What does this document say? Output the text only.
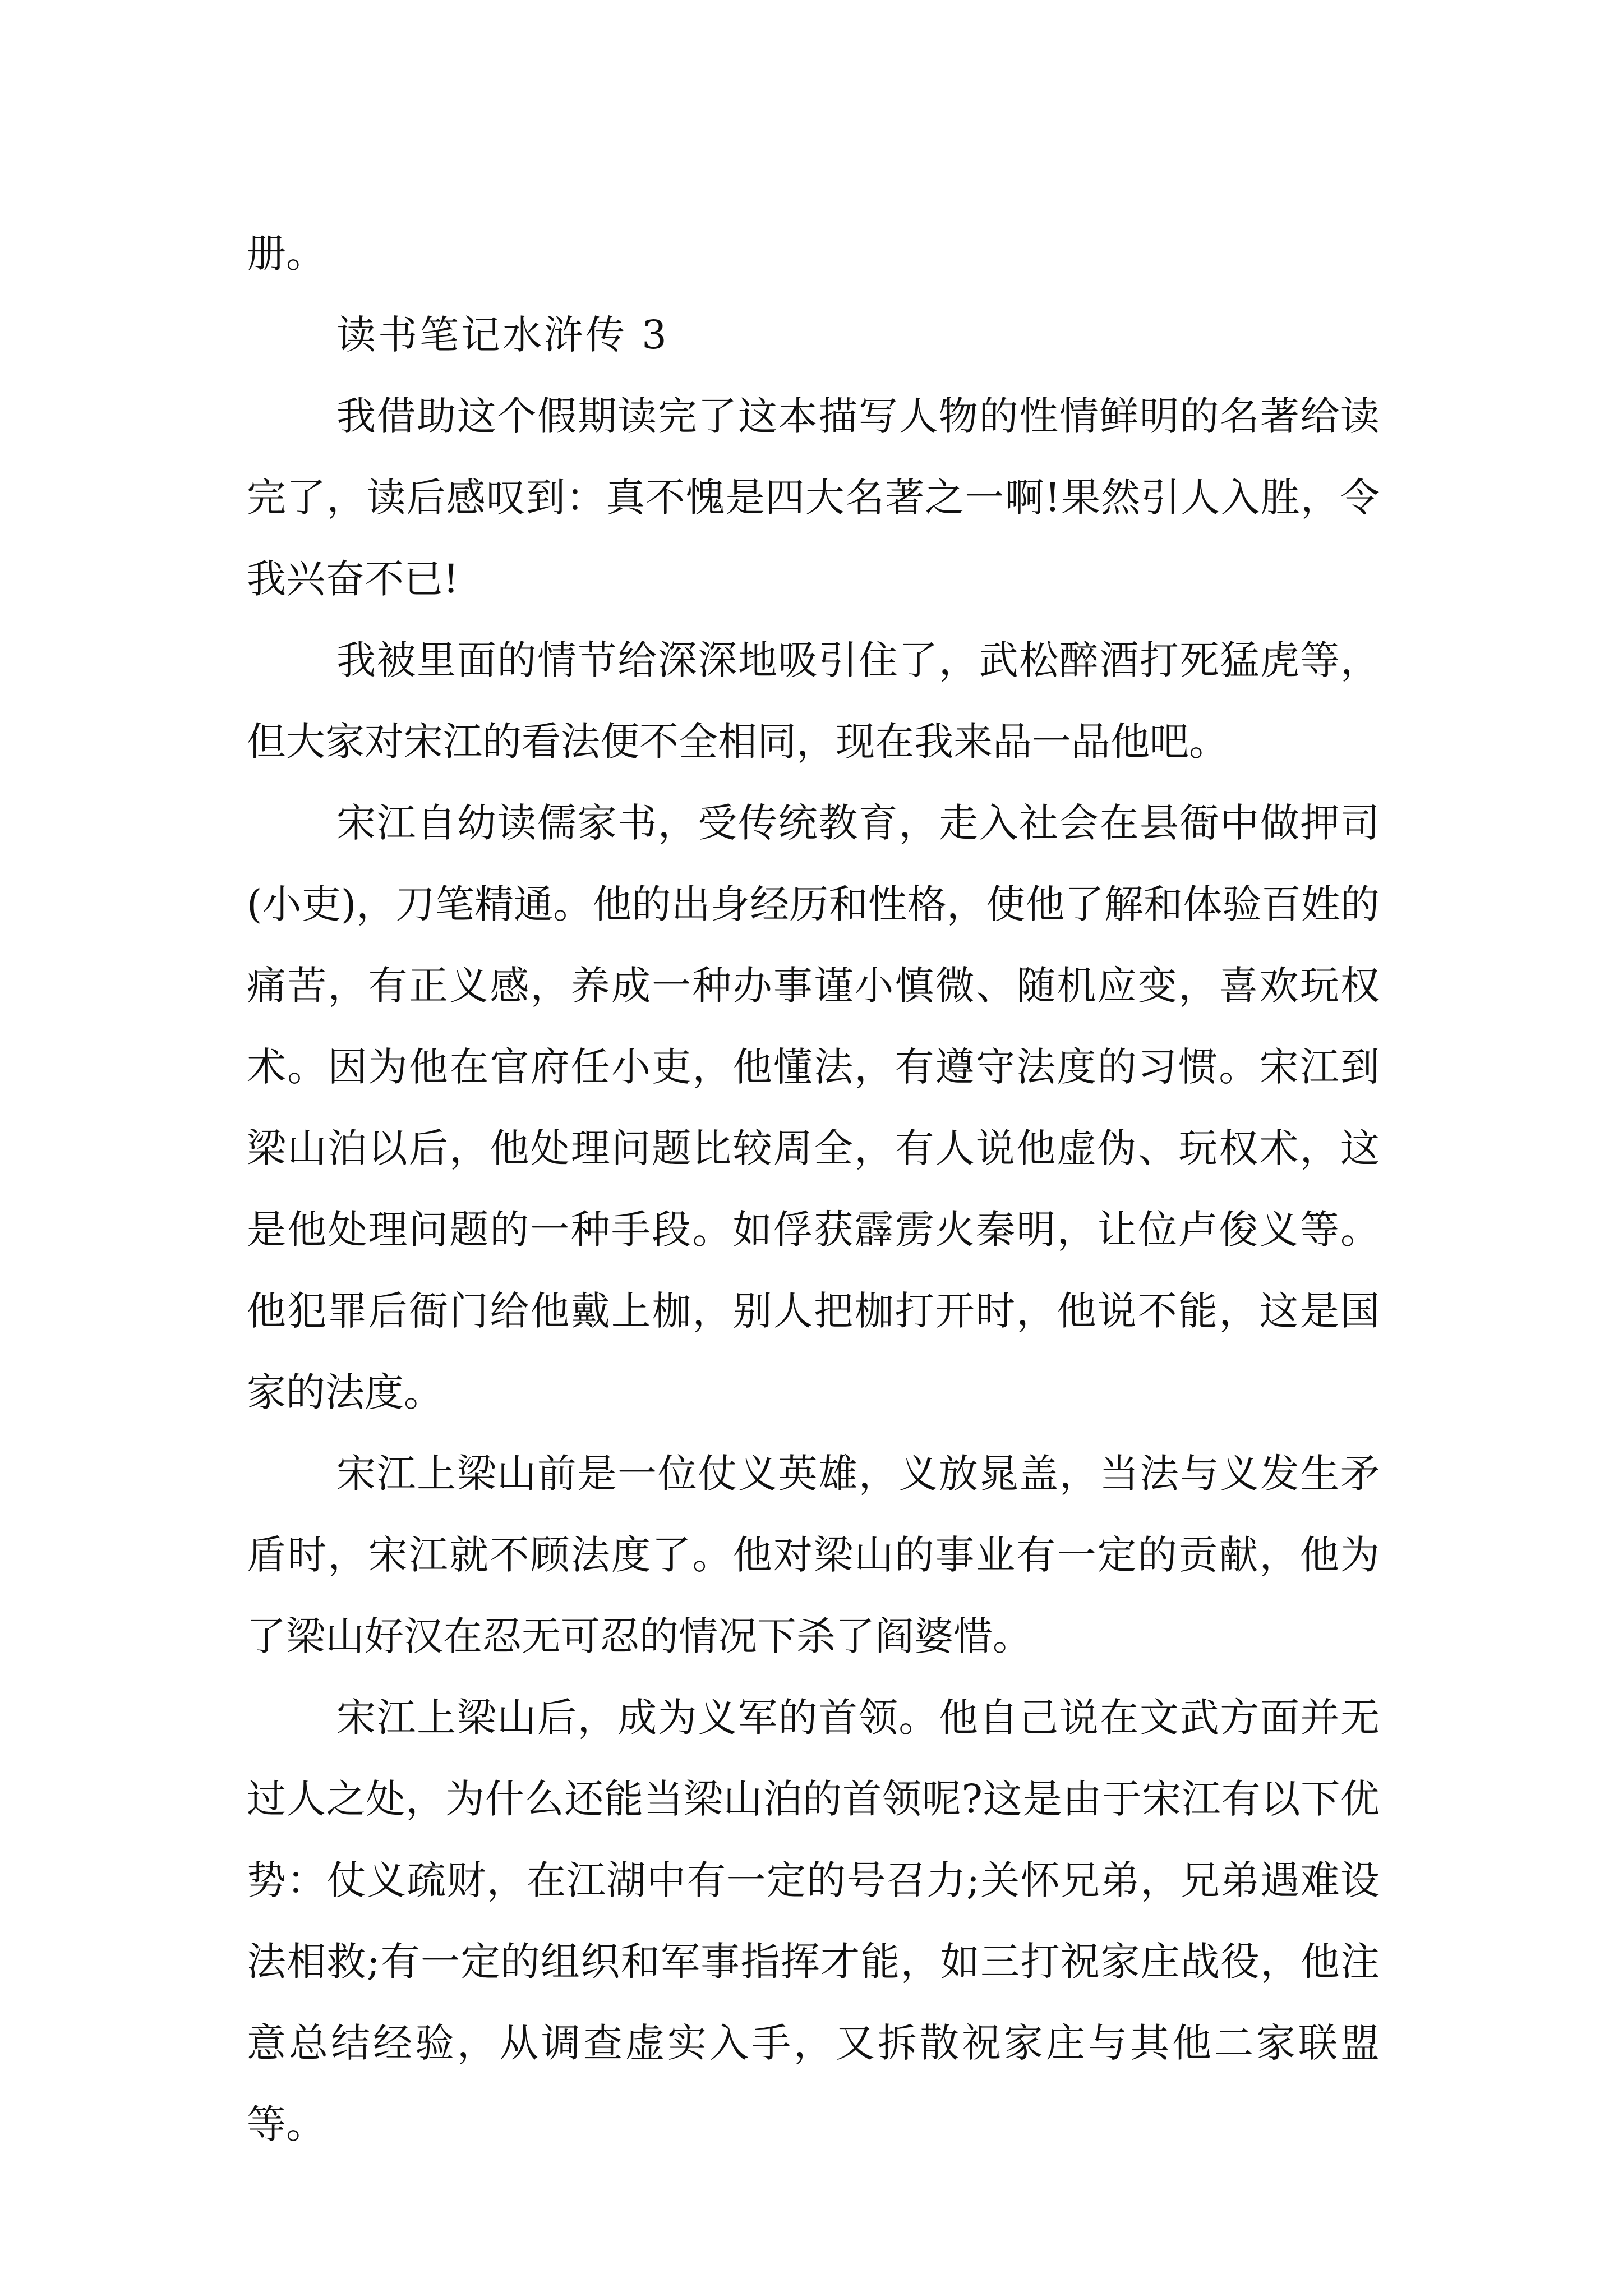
册。

读书笔记水浒传 3

我借助这个假期读完了这本描写人物的性情鲜明的名著给读完了，读后感叹到：真不愧是四大名著之一啊!果然引人入胜，令我兴奋不已!

我被里面的情节给深深地吸引住了，武松醉酒打死猛虎等，但大家对宋江的看法便不全相同，现在我来品一品他吧。

宋江自幼读儒家书，受传统教育，走入社会在县衙中做押司(小吏)，刀笔精通。他的出身经历和性格，使他了解和体验百姓的痛苦，有正义感，养成一种办事谨小慎微、随机应变，喜欢玩权术。因为他在官府任小吏，他懂法，有遵守法度的习惯。宋江到梁山泊以后，他处理问题比较周全，有人说他虚伪、玩权术，这是他处理问题的一种手段。如俘获霹雳火秦明，让位卢俊义等。他犯罪后衙门给他戴上枷，别人把枷打开时，他说不能，这是国家的法度。

宋江上梁山前是一位仗义英雄，义放晁盖，当法与义发生矛盾时，宋江就不顾法度了。他对梁山的事业有一定的贡献，他为了梁山好汉在忍无可忍的情况下杀了阎婆惜。

宋江上梁山后，成为义军的首领。他自己说在文武方面并无过人之处，为什么还能当梁山泊的首领呢?这是由于宋江有以下优势：仗义疏财，在江湖中有一定的号召力;关怀兄弟，兄弟遇难设法相救;有一定的组织和军事指挥才能，如三打祝家庄战役，他注意总结经验，从调查虚实入手，又拆散祝家庄与其他二家联盟等。
